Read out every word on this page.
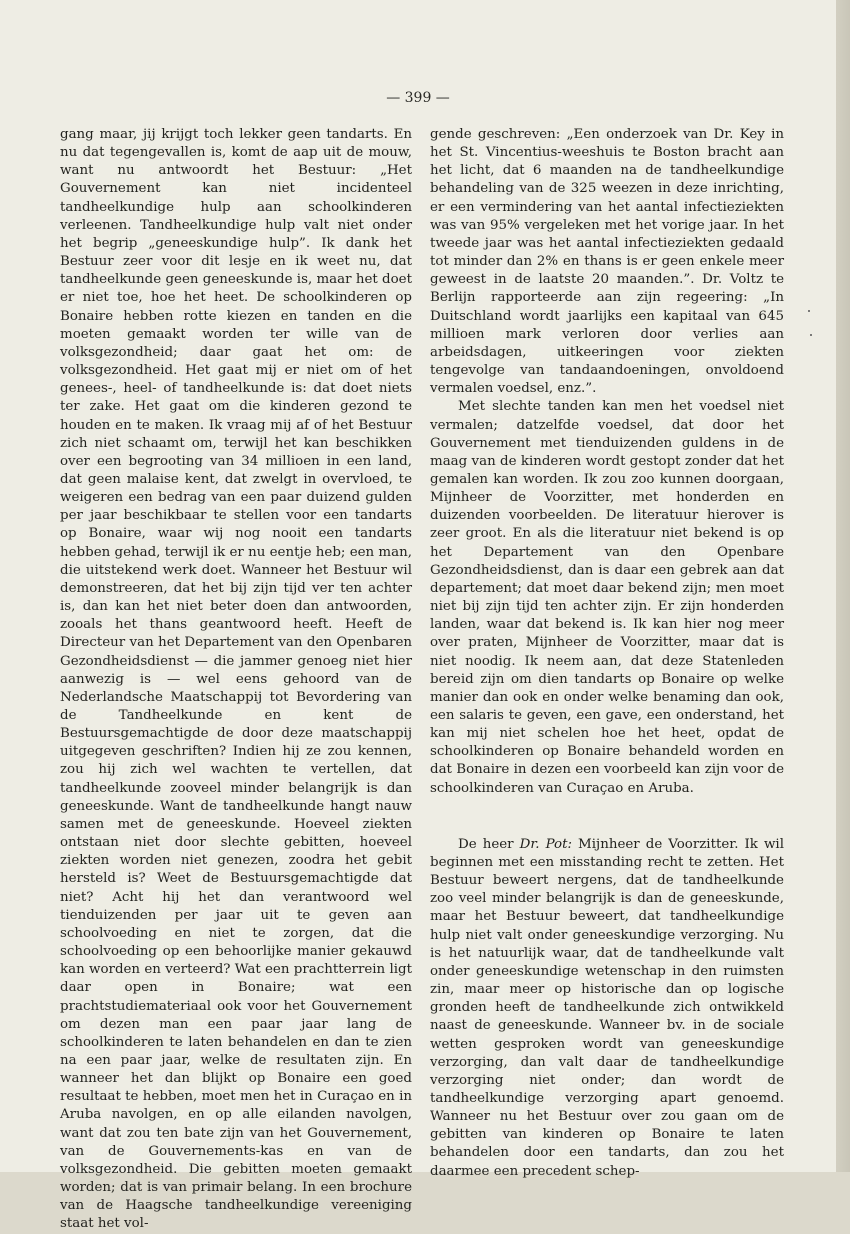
— 399 —

gang maar, jij krijgt toch lekker geen tandarts. En nu dat tegengevallen is, komt de aap uit de mouw, want nu antwoordt het Bestuur: „Het Gouvernement kan niet incidenteel tandheelkundige hulp aan schoolkinderen verleenen. Tandheelkundige hulp valt niet onder het begrip „geneeskundige hulp”. Ik dank het Bestuur zeer voor dit lesje en ik weet nu, dat tandheelkunde geen geneeskunde is, maar het doet er niet toe, hoe het heet. De schoolkinderen op Bonaire hebben rotte kiezen en tanden en die moeten gemaakt worden ter wille van de volksgezondheid; daar gaat het om: de volksgezondheid. Het gaat mij er niet om of het genees-, heel- of tandheelkunde is: dat doet niets ter zake. Het gaat om die kinderen gezond te houden en te maken. Ik vraag mij af of het Bestuur zich niet schaamt om, terwijl het kan beschikken over een begrooting van 34 millioen in een land, dat geen malaise kent, dat zwelgt in overvloed, te weigeren een bedrag van een paar duizend gulden per jaar beschikbaar te stellen voor een tandarts op Bonaire, waar wij nog nooit een tandarts hebben gehad, terwijl ik er nu eentje heb; een man, die uitstekend werk doet. Wanneer het Bestuur wil demonstreeren, dat het bij zijn tijd ver ten achter is, dan kan het niet beter doen dan antwoorden, zooals het thans geantwoord heeft. Heeft de Directeur van het Departement van den Openbaren Gezondheidsdienst — die jammer genoeg niet hier aanwezig is — wel eens gehoord van de Nederlandsche Maatschappij tot Bevordering van de Tandheelkunde en kent de Bestuursgemachtigde de door deze maatschappij uitgegeven geschriften? Indien hij ze zou kennen, zou hij zich wel wachten te vertellen, dat tandheelkunde zooveel minder belangrijk is dan geneeskunde. Want de tandheelkunde hangt nauw samen met de geneeskunde. Hoeveel ziekten ontstaan niet door slechte gebitten, hoeveel ziekten worden niet genezen, zoodra het gebit hersteld is? Weet de Bestuursgemachtigde dat niet? Acht hij het dan verantwoord wel tienduizenden per jaar uit te geven aan schoolvoeding en niet te zorgen, dat die schoolvoeding op een behoorlijke manier gekauwd kan worden en verteerd? Wat een prachtterrein ligt daar open in Bonaire; wat een prachtstudiemateriaal ook voor het Gouvernement om dezen man een paar jaar lang de schoolkinderen te laten behandelen en dan te zien na een paar jaar, welke de resultaten zijn. En wanneer het dan blijkt op Bonaire een goed resultaat te hebben, moet men het in Curaçao en in Aruba navolgen, en op alle eilanden navolgen, want dat zou ten bate zijn van het Gouvernement, van de Gouvernements-kas en van de volksgezondheid. Die gebitten moeten gemaakt worden; dat is van primair belang. In een brochure van de Haagsche tandheelkundige vereeniging staat het vol-

gende geschreven: „Een onderzoek van Dr. Key in het St. Vincentius-weeshuis te Boston bracht aan het licht, dat 6 maanden na de tandheelkundige behandeling van de 325 weezen in deze inrichting, er een vermindering van het aantal infectieziekten was van 95% vergeleken met het vorige jaar. In het tweede jaar was het aantal infectieziekten gedaald tot minder dan 2% en thans is er geen enkele meer geweest in de laatste 20 maanden.”. Dr. Voltz te Berlijn rapporteerde aan zijn regeering: „In Duitschland wordt jaarlijks een kapitaal van 645 millioen mark verloren door verlies aan arbeidsdagen, uitkeeringen voor ziekten tengevolge van tandaandoeningen, onvoldoend vermalen voedsel, enz.”.

Met slechte tanden kan men het voedsel niet vermalen; datzelfde voedsel, dat door het Gouvernement met tienduizenden guldens in de maag van de kinderen wordt gestopt zonder dat het gemalen kan worden. Ik zou zoo kunnen doorgaan, Mijnheer de Voorzitter, met honderden en duizenden voorbeelden. De literatuur hierover is zeer groot. En als die literatuur niet bekend is op het Departement van den Openbare Gezondheidsdienst, dan is daar een gebrek aan dat departement; dat moet daar bekend zijn; men moet niet bij zijn tijd ten achter zijn. Er zijn honderden landen, waar dat bekend is. Ik kan hier nog meer over praten, Mijnheer de Voorzitter, maar dat is niet noodig. Ik neem aan, dat deze Statenleden bereid zijn om dien tandarts op Bonaire op welke manier dan ook en onder welke benaming dan ook, een salaris te geven, een gave, een onderstand, het kan mij niet schelen hoe het heet, opdat de schoolkinderen op Bonaire behandeld worden en dat Bonaire in dezen een voorbeeld kan zijn voor de schoolkinderen van Curaçao en Aruba.

De heer Dr. Pot: Mijnheer de Voorzitter. Ik wil beginnen met een misstanding recht te zetten. Het Bestuur beweert nergens, dat de tandheelkunde zoo veel minder belangrijk is dan de geneeskunde, maar het Bestuur beweert, dat tandheelkundige hulp niet valt onder geneeskundige verzorging. Nu is het natuurlijk waar, dat de tandheelkunde valt onder geneeskundige wetenschap in den ruimsten zin, maar meer op historische dan op logische gronden heeft de tandheelkunde zich ontwikkeld naast de geneeskunde. Wanneer bv. in de sociale wetten gesproken wordt van geneeskundige verzorging, dan valt daar de tandheelkundige verzorging niet onder; dan wordt de tandheelkundige verzorging apart genoemd. Wanneer nu het Bestuur over zou gaan om de gebitten van kinderen op Bonaire te laten behandelen door een tandarts, dan zou het daarmee een precedent schep-
